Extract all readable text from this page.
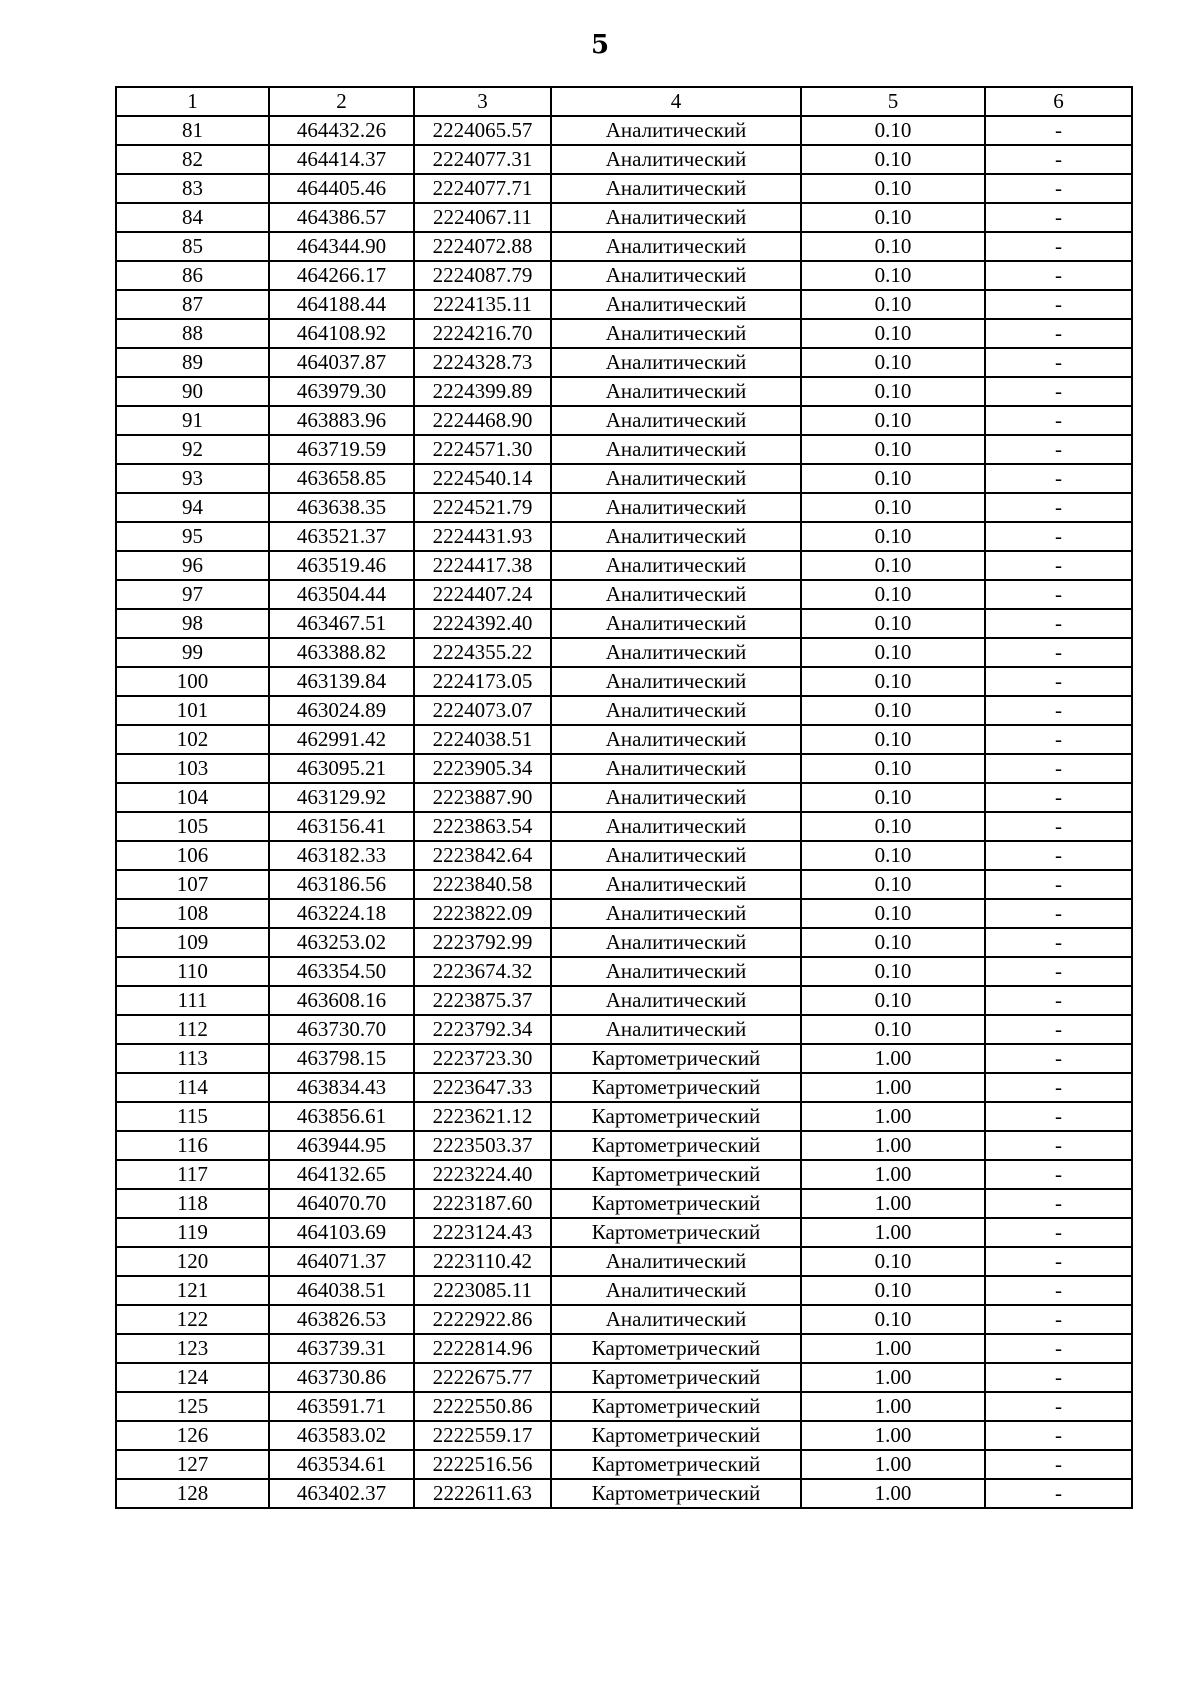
5
1	2	3	4	5	6
81	464432.26	2224065.57	Аналитический	0.10	-
82	464414.37	2224077.31	Аналитический	0.10	-
83	464405.46	2224077.71	Аналитический	0.10	-
84	464386.57	2224067.11	Аналитический	0.10	-
85	464344.90	2224072.88	Аналитический	0.10	-
86	464266.17	2224087.79	Аналитический	0.10	-
87	464188.44	2224135.11	Аналитический	0.10	-
88	464108.92	2224216.70	Аналитический	0.10	-
89	464037.87	2224328.73	Аналитический	0.10	-
90	463979.30	2224399.89	Аналитический	0.10	-
91	463883.96	2224468.90	Аналитический	0.10	-
92	463719.59	2224571.30	Аналитический	0.10	-
93	463658.85	2224540.14	Аналитический	0.10	-
94	463638.35	2224521.79	Аналитический	0.10	-
95	463521.37	2224431.93	Аналитический	0.10	-
96	463519.46	2224417.38	Аналитический	0.10	-
97	463504.44	2224407.24	Аналитический	0.10	-
98	463467.51	2224392.40	Аналитический	0.10	-
99	463388.82	2224355.22	Аналитический	0.10	-
100	463139.84	2224173.05	Аналитический	0.10	-
101	463024.89	2224073.07	Аналитический	0.10	-
102	462991.42	2224038.51	Аналитический	0.10	-
103	463095.21	2223905.34	Аналитический	0.10	-
104	463129.92	2223887.90	Аналитический	0.10	-
105	463156.41	2223863.54	Аналитический	0.10	-
106	463182.33	2223842.64	Аналитический	0.10	-
107	463186.56	2223840.58	Аналитический	0.10	-
108	463224.18	2223822.09	Аналитический	0.10	-
109	463253.02	2223792.99	Аналитический	0.10	-
110	463354.50	2223674.32	Аналитический	0.10	-
111	463608.16	2223875.37	Аналитический	0.10	-
112	463730.70	2223792.34	Аналитический	0.10	-
113	463798.15	2223723.30	Картометрический	1.00	-
114	463834.43	2223647.33	Картометрический	1.00	-
115	463856.61	2223621.12	Картометрический	1.00	-
116	463944.95	2223503.37	Картометрический	1.00	-
117	464132.65	2223224.40	Картометрический	1.00	-
118	464070.70	2223187.60	Картометрический	1.00	-
119	464103.69	2223124.43	Картометрический	1.00	-
120	464071.37	2223110.42	Аналитический	0.10	-
121	464038.51	2223085.11	Аналитический	0.10	-
122	463826.53	2222922.86	Аналитический	0.10	-
123	463739.31	2222814.96	Картометрический	1.00	-
124	463730.86	2222675.77	Картометрический	1.00	-
125	463591.71	2222550.86	Картометрический	1.00	-
126	463583.02	2222559.17	Картометрический	1.00	-
127	463534.61	2222516.56	Картометрический	1.00	-
128	463402.37	2222611.63	Картометрический	1.00	-
